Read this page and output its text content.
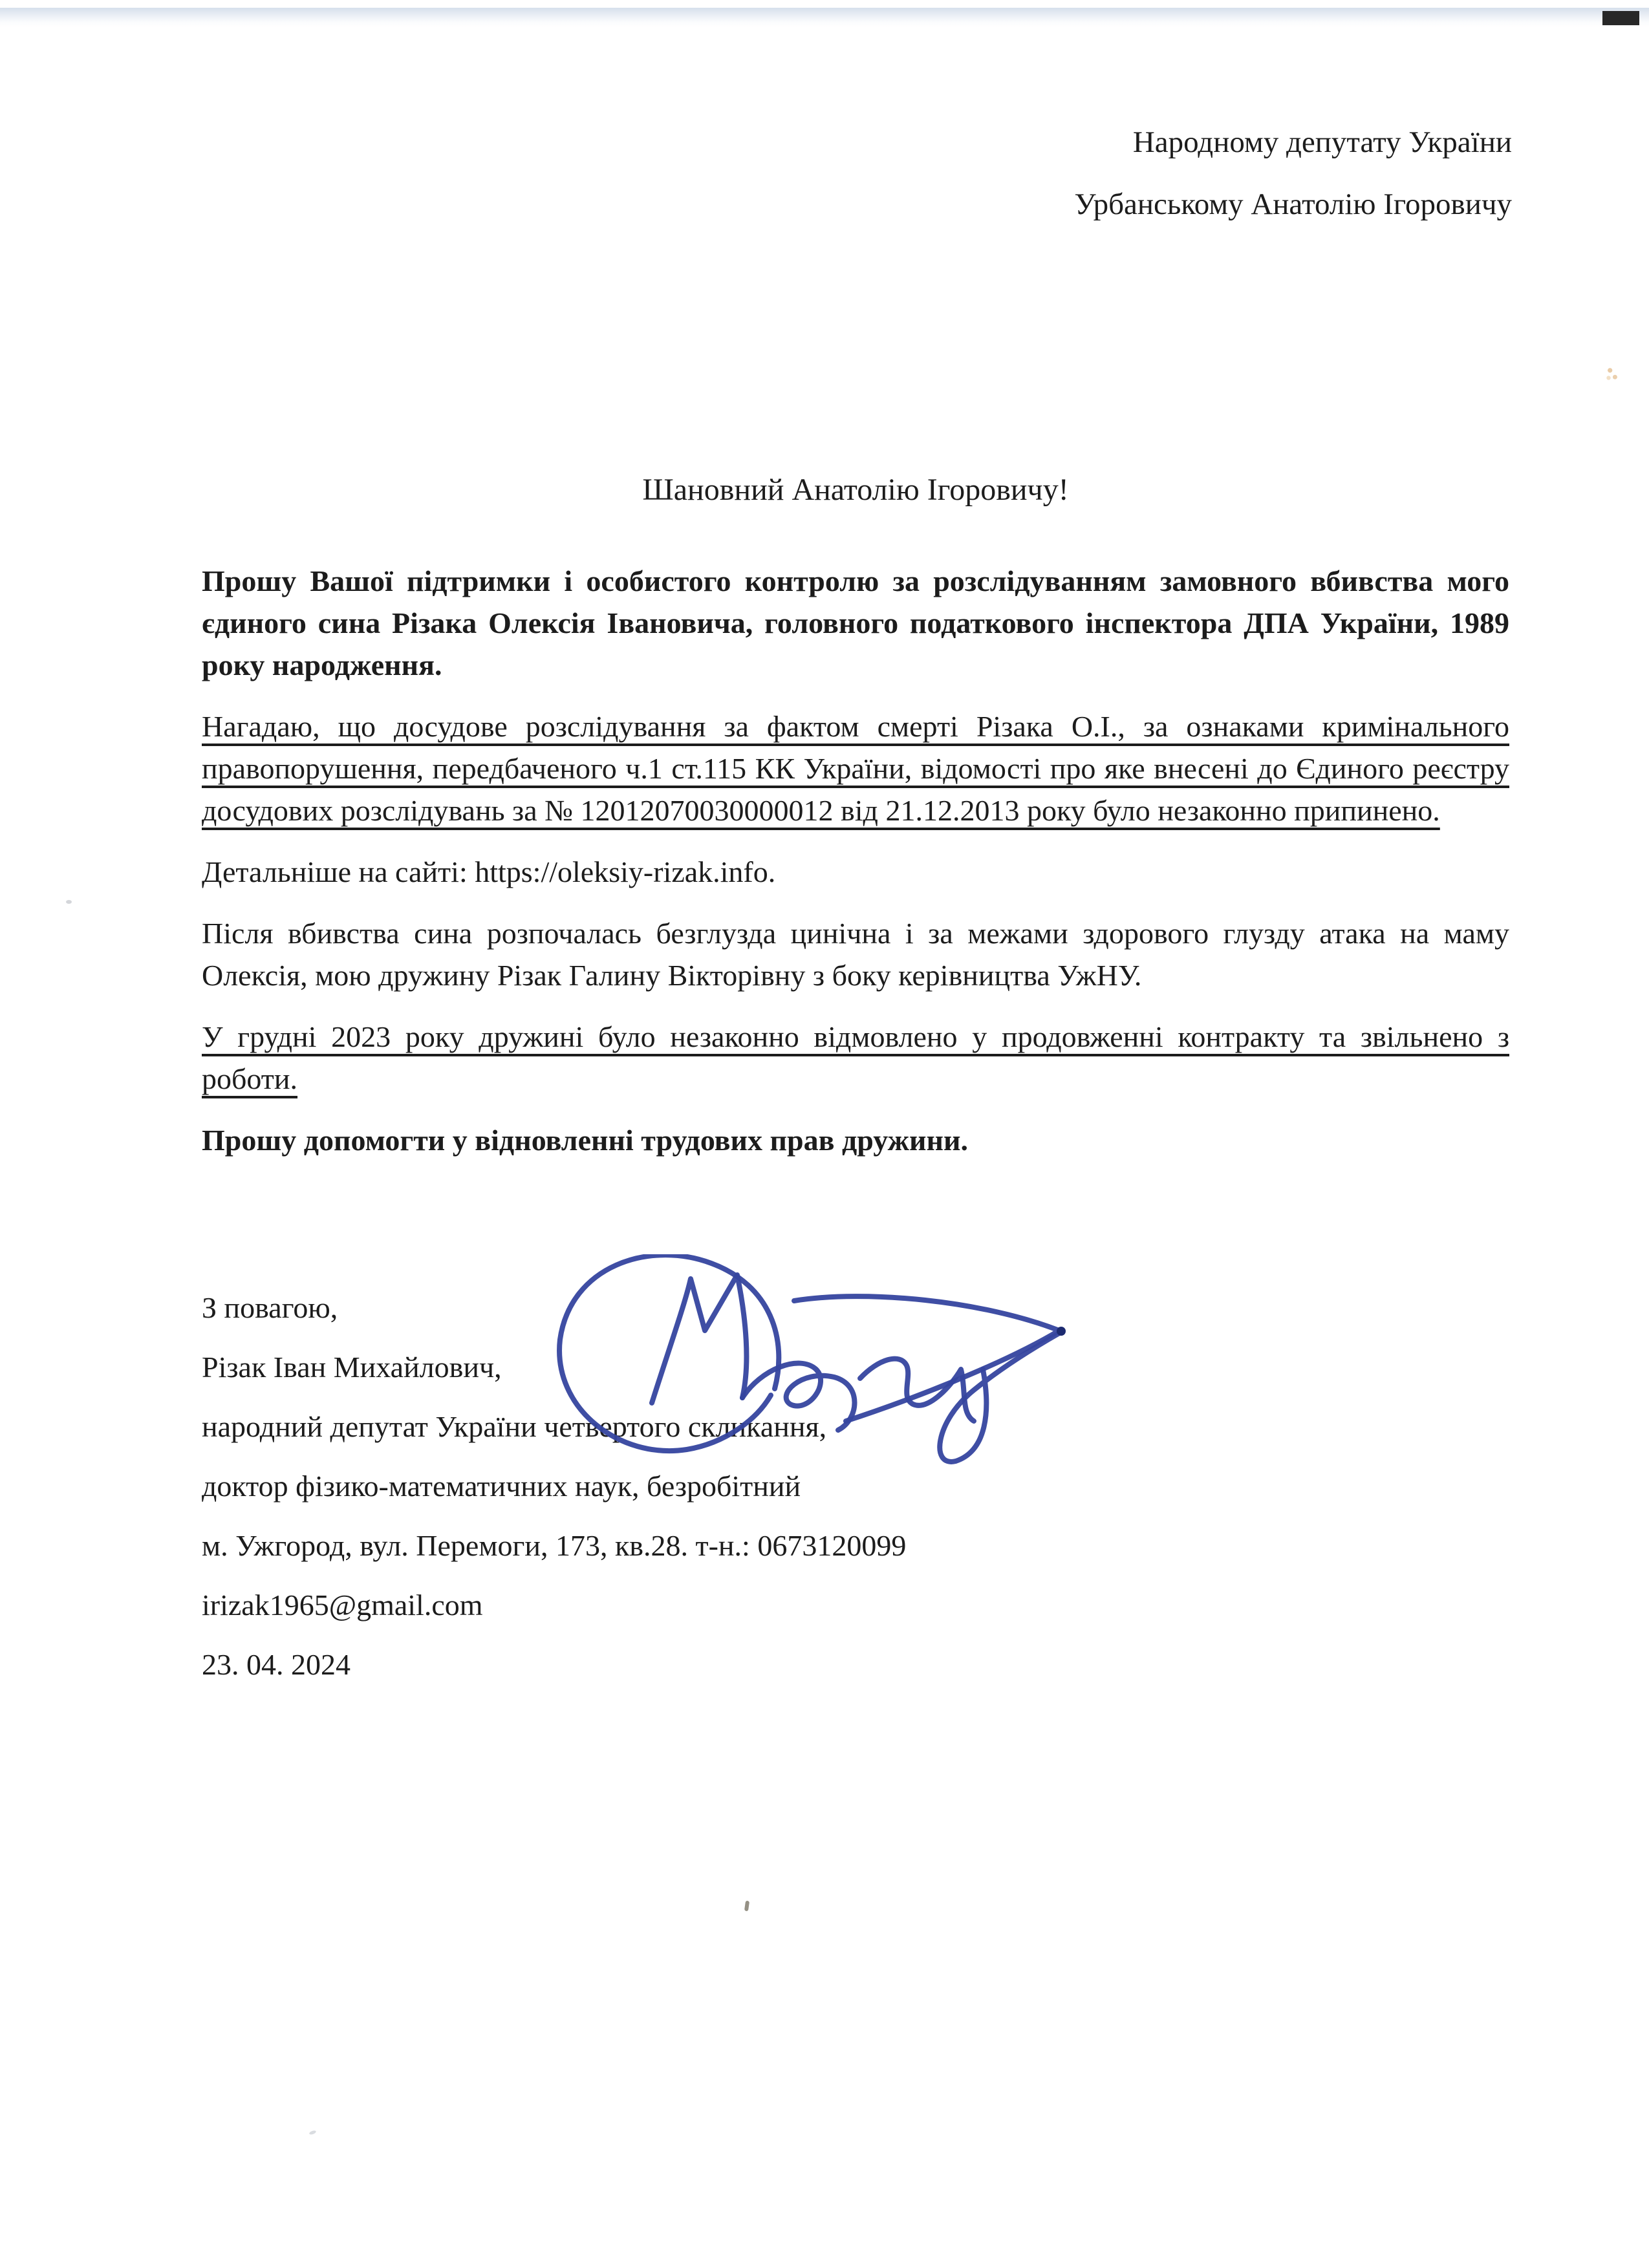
Народному депутату України
Урбанському Анатолію Ігоровичу
Шановний Анатолію Ігоровичу!

Прошу Вашої підтримки і особистого контролю за розслідуванням замовного вбивства мого єдиного сина Різака Олексія Івановича, головного податкового інспектора ДПА України, 1989 року народження.

Нагадаю, що досудове розслідування за фактом смерті Різака О.І., за ознаками кримінального правопорушення, передбаченого ч.1 ст.115 КК України, відомості про яке внесені до Єдиного реєстру досудових розслідувань за № 12012070030000012 від 21.12.2013 року було незаконно припинено.

Детальніше на сайті: https://oleksiy-rizak.info.

Після вбивства сина розпочалась безглузда цинічна і за межами здорового глузду атака на маму Олексія, мою дружину Різак Галину Вікторівну з боку керівництва УжНУ.

У грудні 2023 року дружині було незаконно відмовлено у продовженні контракту та звільнено з роботи.

Прошу допомогти у відновленні трудових прав дружини.

З повагою,
Різак Іван Михайлович,
народний депутат України четвертого скликання,
доктор фізико-математичних наук, безробітний
м. Ужгород, вул. Перемоги, 173, кв.28. т-н.: 0673120099
irizak1965@gmail.com
23. 04. 2024
